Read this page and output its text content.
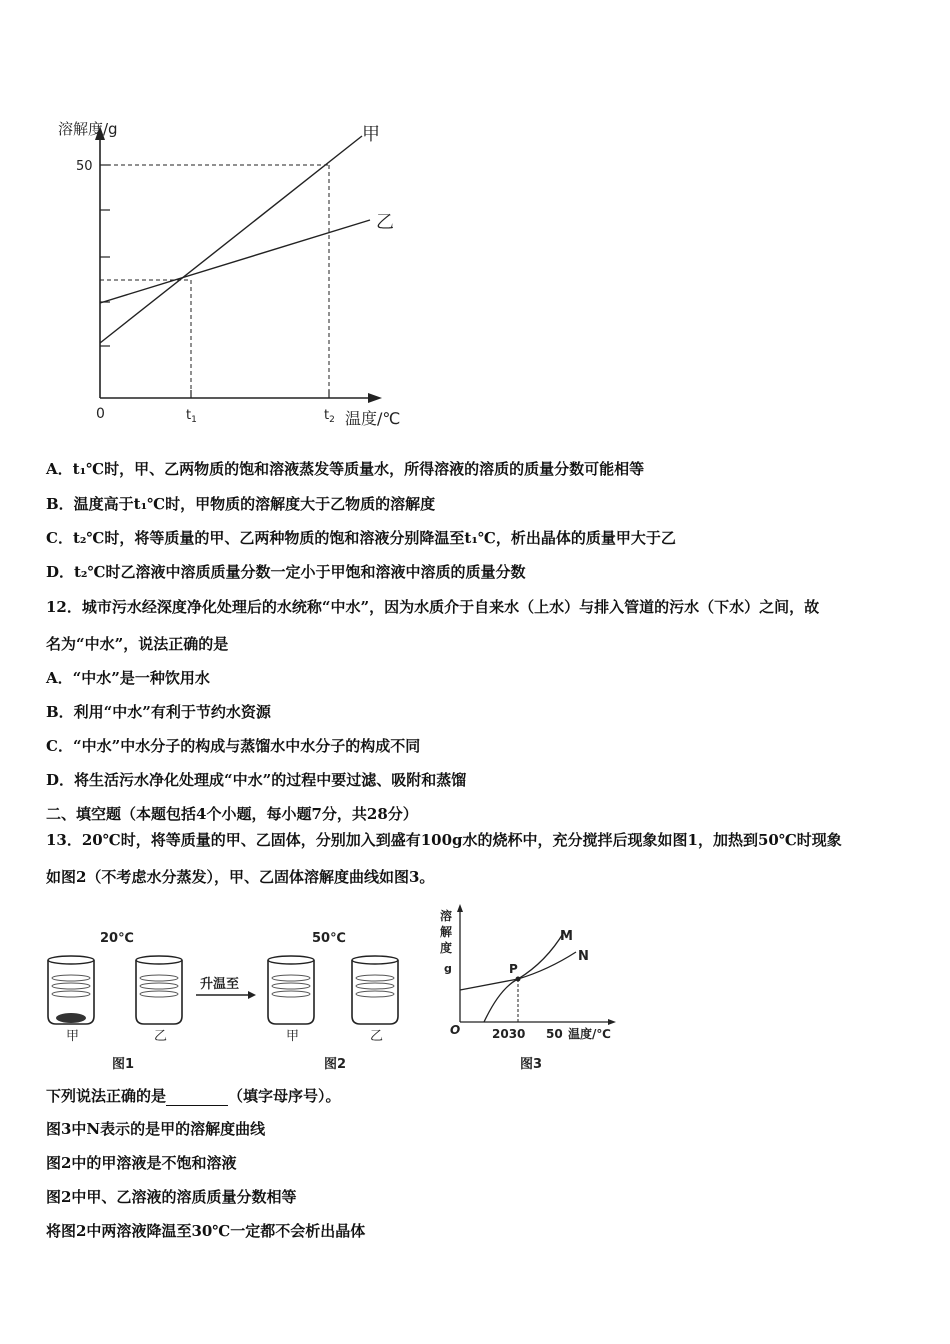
溶解度/g
50
0	$t_1$	$t_2$ 温度/℃
甲
乙
A．t₁℃时，甲、乙两物质的饱和溶液蒸发等质量水，所得溶液的溶质的质量分数可能相等
B．温度高于t₁℃时，甲物质的溶解度大于乙物质的溶解度
C．t₂℃时，将等质量的甲、乙两种物质的饱和溶液分别降温至t₁℃，析出晶体的质量甲大于乙
D．t₂℃时乙溶液中溶质质量分数一定小于甲饱和溶液中溶质的质量分数
12．城市污水经深度净化处理后的水统称“中水”，因为水质介于自来水（上水）与排入管道的污水（下水）之间，故
名为“中水”，说法正确的是
A．“中水”是一种饮用水
B．利用“中水”有利于节约水资源
C．“中水”中水分子的构成与蒸馏水中水分子的构成不同
D．将生活污水净化处理成“中水”的过程中要过滤、吸附和蒸馏
二、填空题（本题包括4个小题，每小题7分，共28分）
13．20℃时，将等质量的甲、乙固体，分别加入到盛有100g水的烧杯中，充分搅拌后现象如图1，加热到50℃时现象
如图2（不考虑水分蒸发），甲、乙固体溶解度曲线如图3。
20℃	50℃
升温至
甲	乙	甲	乙
图1	图2
溶
解
度
g	P
M
N
O	2030 50 温度/℃
图3
下列说法正确的是	（填字母序号）。
图3中N表示的是甲的溶解度曲线
图2中的甲溶液是不饱和溶液
图2中甲、乙溶液的溶质质量分数相等
将图2中两溶液降温至30℃一定都不会析出晶体
